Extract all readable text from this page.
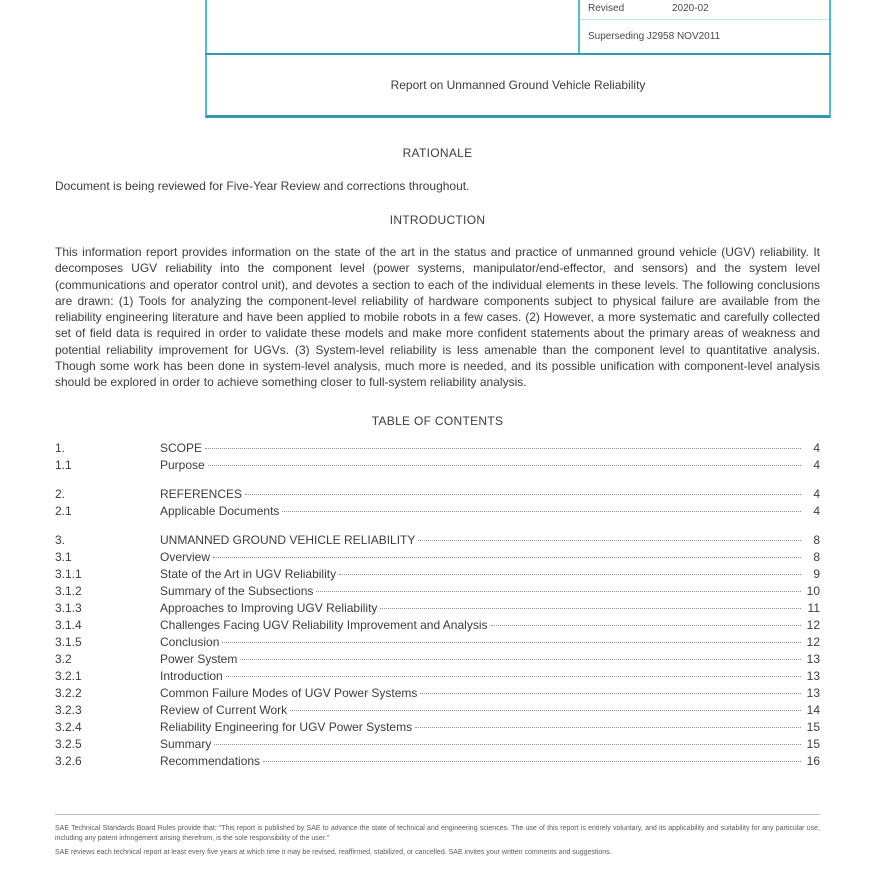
Revised	2020-02
Superseding J2958 NOV2011
Report on Unmanned Ground Vehicle Reliability
RATIONALE
Document is being reviewed for Five-Year Review and corrections throughout.
INTRODUCTION
This information report provides information on the state of the art in the status and practice of unmanned ground vehicle (UGV) reliability. It decomposes UGV reliability into the component level (power systems, manipulator/end-effector, and sensors) and the system level (communications and operator control unit), and devotes a section to each of the individual elements in these levels. The following conclusions are drawn: (1) Tools for analyzing the component-level reliability of hardware components subject to physical failure are available from the reliability engineering literature and have been applied to mobile robots in a few cases. (2) However, a more systematic and carefully collected set of field data is required in order to validate these models and make more confident statements about the primary areas of weakness and potential reliability improvement for UGVs. (3) System-level reliability is less amenable than the component level to quantitative analysis. Though some work has been done in system-level analysis, much more is needed, and its possible unification with component-level analysis should be explored in order to achieve something closer to full-system reliability analysis.
TABLE OF CONTENTS
1.	SCOPE	4
1.1	Purpose	4
2.	REFERENCES	4
2.1	Applicable Documents	4
3.	UNMANNED GROUND VEHICLE RELIABILITY	8
3.1	Overview	8
3.1.1	State of the Art in UGV Reliability	9
3.1.2	Summary of the Subsections	10
3.1.3	Approaches to Improving UGV Reliability	11
3.1.4	Challenges Facing UGV Reliability Improvement and Analysis	12
3.1.5	Conclusion	12
3.2	Power System	13
3.2.1	Introduction	13
3.2.2	Common Failure Modes of UGV Power Systems	13
3.2.3	Review of Current Work	14
3.2.4	Reliability Engineering for UGV Power Systems	15
3.2.5	Summary	15
3.2.6	Recommendations	16

SAE Technical Standards Board Rules provide that: “This report is published by SAE to advance the state of technical and engineering sciences. The use of this report is entirely voluntary, and its applicability and suitability for any particular use, including any patent infringement arising therefrom, is the sole responsibility of the user.”

SAE reviews each technical report at least every five years at which time it may be revised, reaffirmed, stabilized, or cancelled. SAE invites your written comments and suggestions.
